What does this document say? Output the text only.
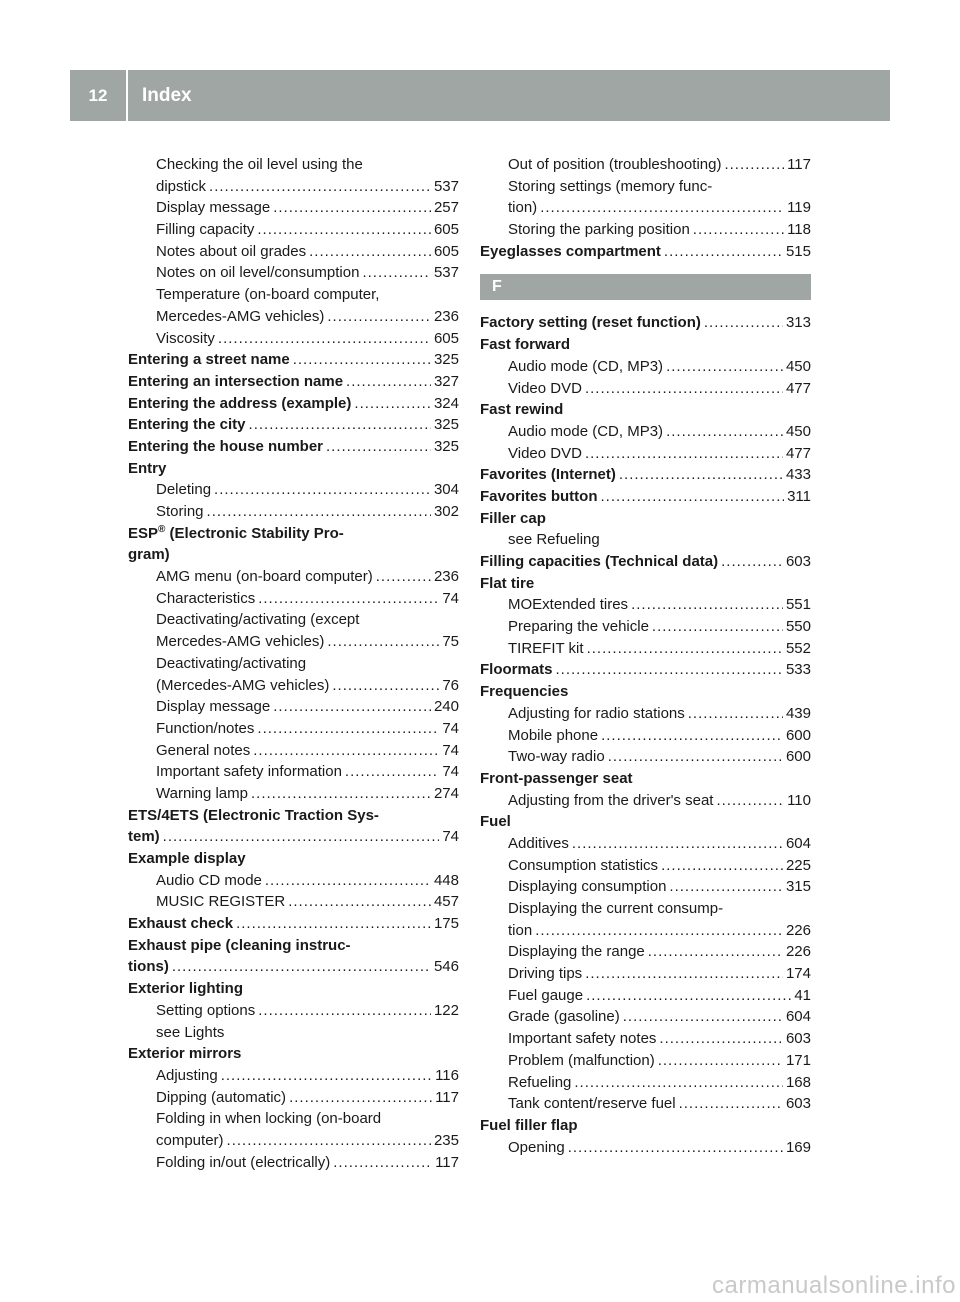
12	Index
Checking the oil level using the
dipstick .....	537
Display message .....	257
Filling capacity .....	605
Notes about oil grades .....	605
Notes on oil level/consumption .....	537
Temperature (on-board computer,
Mercedes-AMG vehicles) .....	236
Viscosity .....	605
Entering a street name .....	325
Entering an intersection name .....	327
Entering the address (example) .....	324
Entering the city .....	325
Entering the house number .....	325
Entry
Deleting .....	304
Storing .....	302
ESP® (Electronic Stability Pro-
gram)
AMG menu (on-board computer) .....	236
Characteristics .....	74
Deactivating/activating (except
Mercedes-AMG vehicles) .....	75
Deactivating/activating
(Mercedes-AMG vehicles) .....	76
Display message .....	240
Function/notes .....	74
General notes .....	74
Important safety information .....	74
Warning lamp .....	274
ETS/4ETS (Electronic Traction Sys-
tem) .....	74
Example display
Audio CD mode .....	448
MUSIC REGISTER .....	457
Exhaust check .....	175
Exhaust pipe (cleaning instruc-
tions) .....	546
Exterior lighting
Setting options .....	122
see Lights
Exterior mirrors
Adjusting .....	116
Dipping (automatic) .....	117
Folding in when locking (on-board
computer) .....	235
Folding in/out (electrically) .....	117
Out of position (troubleshooting) .....	117
Storing settings (memory func-
tion) .....	119
Storing the parking position .....	118
Eyeglasses compartment .....	515
F
Factory setting (reset function) .....	313
Fast forward
Audio mode (CD, MP3) .....	450
Video DVD .....	477
Fast rewind
Audio mode (CD, MP3) .....	450
Video DVD .....	477
Favorites (Internet) .....	433
Favorites button .....	311
Filler cap
see Refueling
Filling capacities (Technical data) .....	603
Flat tire
MOExtended tires .....	551
Preparing the vehicle .....	550
TIREFIT kit .....	552
Floormats .....	533
Frequencies
Adjusting for radio stations .....	439
Mobile phone .....	600
Two-way radio .....	600
Front-passenger seat
Adjusting from the driver's seat .....	110
Fuel
Additives .....	604
Consumption statistics .....	225
Displaying consumption .....	315
Displaying the current consump-
tion .....	226
Displaying the range .....	226
Driving tips .....	174
Fuel gauge .....	41
Grade (gasoline) .....	604
Important safety notes .....	603
Problem (malfunction) .....	171
Refueling .....	168
Tank content/reserve fuel .....	603
Fuel filler flap
Opening .....	169
carmanualsonline.info
